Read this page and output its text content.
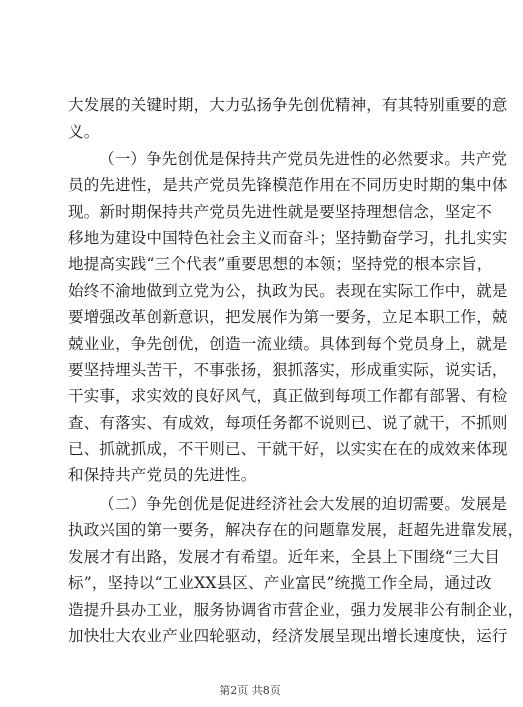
大发展的关键时期，大力弘扬争先创优精神，有其特别重要的意
义。
（一）争先创优是保持共产党员先进性的必然要求。共产党
员的先进性，是共产党员先锋模范作用在不同历史时期的集中体
现。新时期保持共产党员先进性就是要坚持理想信念，坚定不
移地为建设中国特色社会主义而奋斗；坚持勤奋学习，扎扎实实
地提高实践“三个代表”重要思想的本领；坚持党的根本宗旨，
始终不渝地做到立党为公，执政为民。表现在实际工作中，就是
要增强改革创新意识，把发展作为第一要务，立足本职工作，兢
兢业业，争先创优，创造一流业绩。具体到每个党员身上，就是
要坚持埋头苦干，不事张扬，狠抓落实，形成重实际，说实话，
干实事，求实效的良好风气，真正做到每项工作都有部署、有检
查、有落实、有成效，每项任务都不说则已、说了就干，不抓则
已、抓就抓成，不干则已、干就干好，以实实在在的成效来体现
和保持共产党员的先进性。
（二）争先创优是促进经济社会大发展的迫切需要。发展是
执政兴国的第一要务，解决存在的问题靠发展，赶超先进靠发展，
发展才有出路，发展才有希望。近年来，全县上下围绕“三大目
标”，坚持以“工业XX县区、产业富民”统揽工作全局，通过改
造提升县办工业，服务协调省市营企业，强力发展非公有制企业，
加快壮大农业产业四轮驱动，经济发展呈现出增长速度快，运行
第2页 共8页
